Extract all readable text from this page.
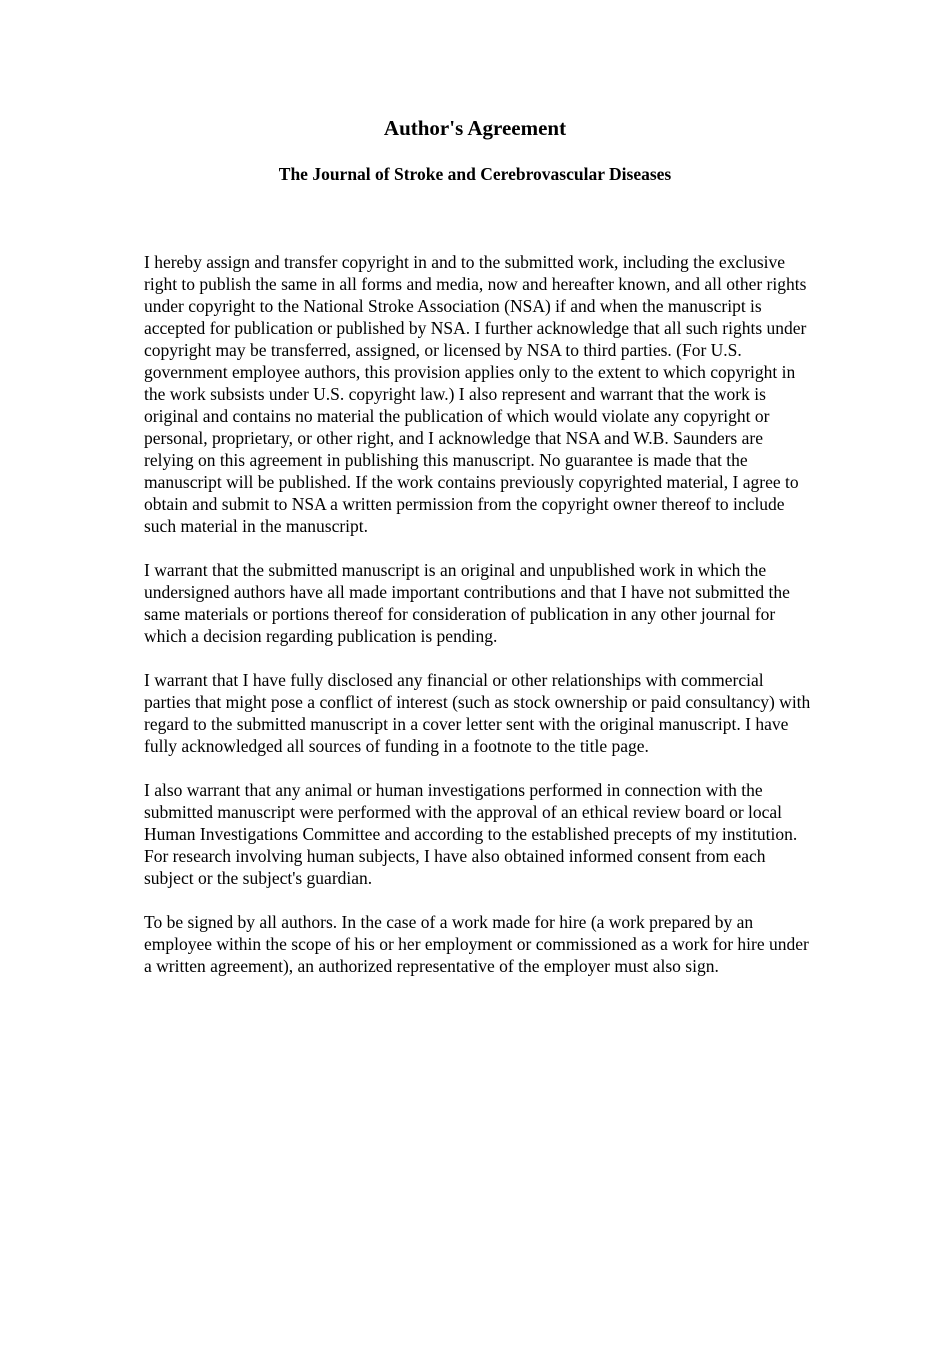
Author's Agreement
The Journal of Stroke and Cerebrovascular Diseases

I hereby assign and transfer copyright in and to the submitted work, including the exclusive right to publish the same in all forms and media, now and hereafter known, and all other rights under copyright to the National Stroke Association (NSA) if and when the manuscript is accepted for publication or published by NSA. I further acknowledge that all such rights under copyright may be transferred, assigned, or licensed by NSA to third parties. (For U.S. government employee authors, this provision applies only to the extent to which copyright in the work subsists under U.S. copyright law.) I also represent and warrant that the work is original and contains no material the publication of which would violate any copyright or personal, proprietary, or other right, and I acknowledge that NSA and W.B. Saunders are relying on this agreement in publishing this manuscript. No guarantee is made that the manuscript will be published. If the work contains previously copyrighted material, I agree to obtain and submit to NSA a written permission from the copyright owner thereof to include such material in the manuscript.

I warrant that the submitted manuscript is an original and unpublished work in which the undersigned authors have all made important contributions and that I have not submitted the same materials or portions thereof for consideration of publication in any other journal for which a decision regarding publication is pending.

I warrant that I have fully disclosed any financial or other relationships with commercial parties that might pose a conflict of interest (such as stock ownership or paid consultancy) with regard to the submitted manuscript in a cover letter sent with the original manuscript. I have fully acknowledged all sources of funding in a footnote to the title page.

I also warrant that any animal or human investigations performed in connection with the submitted manuscript were performed with the approval of an ethical review board or local Human Investigations Committee and according to the established precepts of my institution. For research involving human subjects, I have also obtained informed consent from each subject or the subject's guardian.

To be signed by all authors. In the case of a work made for hire (a work prepared by an employee within the scope of his or her employment or commissioned as a work for hire under a written agreement), an authorized representative of the employer must also sign.
